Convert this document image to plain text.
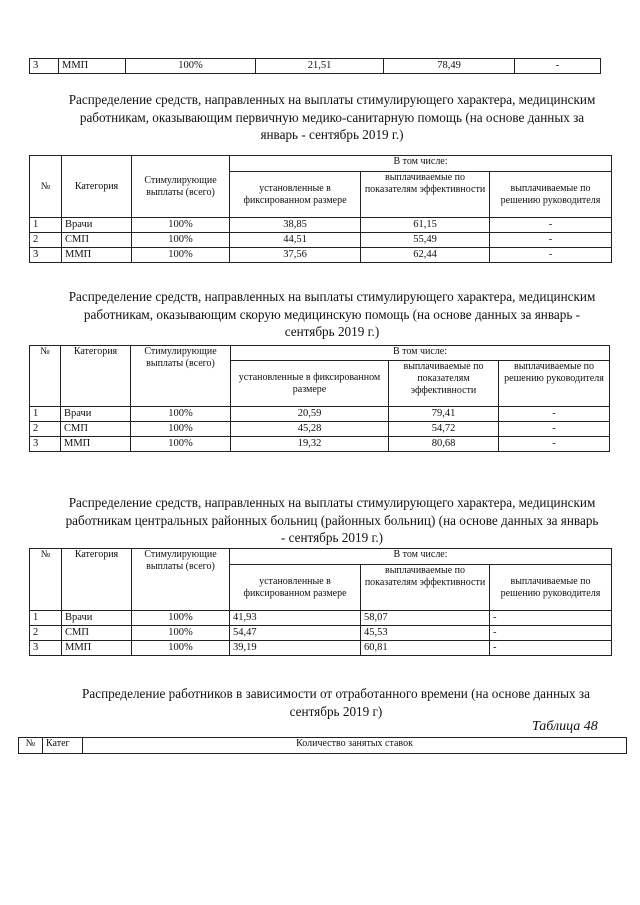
3	ММП	100%	21,51	78,49	-
Распределение средств, направленных на выплаты стимулирующего характера, медицинским работникам, оказывающим первичную медико-санитарную помощь (на основе данных за январь - сентябрь 2019 г.)
№	Категория	Стимулирующие выплаты (всего)	В том числе:		
			установленные в фиксированном размере	выплачиваемые по показателям эффективности	выплачиваемые по решению руководителя
1	Врачи	100%	38,85	61,15	-
2	СМП	100%	44,51	55,49	-
3	ММП	100%	37,56	62,44	-
Распределение средств, направленных на выплаты стимулирующего характера, медицинским работникам, оказывающим скорую медицинскую помощь (на основе данных за январь - сентябрь 2019 г.)
№	Категория	Стимулирующие выплаты (всего)	В том числе:		
			установленные в фиксированном размере	выплачиваемые по показателям эффективности	выплачиваемые по решению руководителя
1	Врачи	100%	20,59	79,41	-
2	СМП	100%	45,28	54,72	-
3	ММП	100%	19,32	80,68	-
Распределение средств, направленных на выплаты стимулирующего характера, медицинским работникам центральных районных больниц (районных больниц) (на основе данных за январь - сентябрь 2019 г.)
№	Категория	Стимулирующие выплаты (всего)	В том числе:		
			установленные в фиксированном размере	выплачиваемые по показателям эффективности	выплачиваемые по решению руководителя
1	Врачи	100%	41,93	58,07	-
2	СМП	100%	54,47	45,53	-
3	ММП	100%	39,19	60,81	-
Распределение работников в зависимости от отработанного времени (на основе данных за сентябрь 2019 г)
Таблица 48
№	Катег	Количество занятых ставок
